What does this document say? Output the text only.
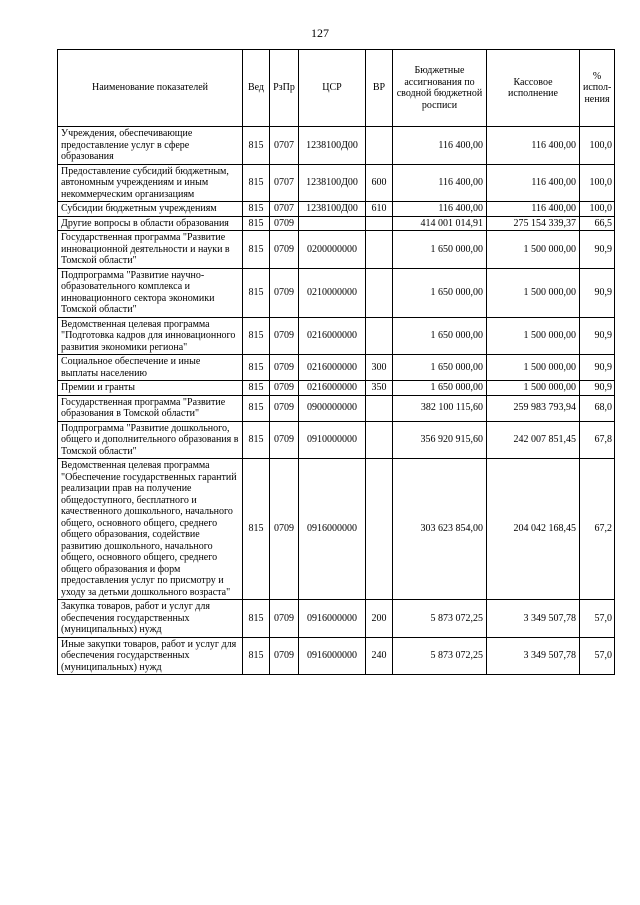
127
Наименование показателей	Вед	РзПр	ЦСР	ВР	Бюджетные ассигнования по сводной бюджетной росписи	Кассовое исполнение	% испол-нения
Учреждения, обеспечивающие предоставление услуг в сфере образования	815	0707	1238100Д00		116 400,00	116 400,00	100,0
Предоставление субсидий бюджетным, автономным учреждениям и иным некоммерческим организациям	815	0707	1238100Д00	600	116 400,00	116 400,00	100,0
Субсидии бюджетным учреждениям	815	0707	1238100Д00	610	116 400,00	116 400,00	100,0
Другие вопросы в области образования	815	0709			414 001 014,91	275 154 339,37	66,5
Государственная программа "Развитие инновационной деятельности и науки в Томской области"	815	0709	0200000000		1 650 000,00	1 500 000,00	90,9
Подпрограмма "Развитие научно-образовательного комплекса и инновационного сектора экономики Томской области"	815	0709	0210000000		1 650 000,00	1 500 000,00	90,9
Ведомственная целевая программа "Подготовка кадров для инновационного развития экономики региона"	815	0709	0216000000		1 650 000,00	1 500 000,00	90,9
Социальное обеспечение и иные выплаты населению	815	0709	0216000000	300	1 650 000,00	1 500 000,00	90,9
Премии и гранты	815	0709	0216000000	350	1 650 000,00	1 500 000,00	90,9
Государственная программа "Развитие образования в Томской области"	815	0709	0900000000		382 100 115,60	259 983 793,94	68,0
Подпрограмма "Развитие дошкольного, общего и дополнительного образования в Томской области"	815	0709	0910000000		356 920 915,60	242 007 851,45	67,8
Ведомственная целевая программа "Обеспечение государственных гарантий реализации прав на получение общедоступного, бесплатного и качественного дошкольного, начального общего, основного общего, среднего общего образования, содействие развитию дошкольного, начального общего, основного общего, среднего общего образования и форм предоставления услуг по присмотру и уходу за детьми дошкольного возраста"	815	0709	0916000000		303 623 854,00	204 042 168,45	67,2
Закупка товаров, работ и услуг для обеспечения государственных (муниципальных) нужд	815	0709	0916000000	200	5 873 072,25	3 349 507,78	57,0
Иные закупки товаров, работ и услуг для обеспечения государственных (муниципальных) нужд	815	0709	0916000000	240	5 873 072,25	3 349 507,78	57,0
